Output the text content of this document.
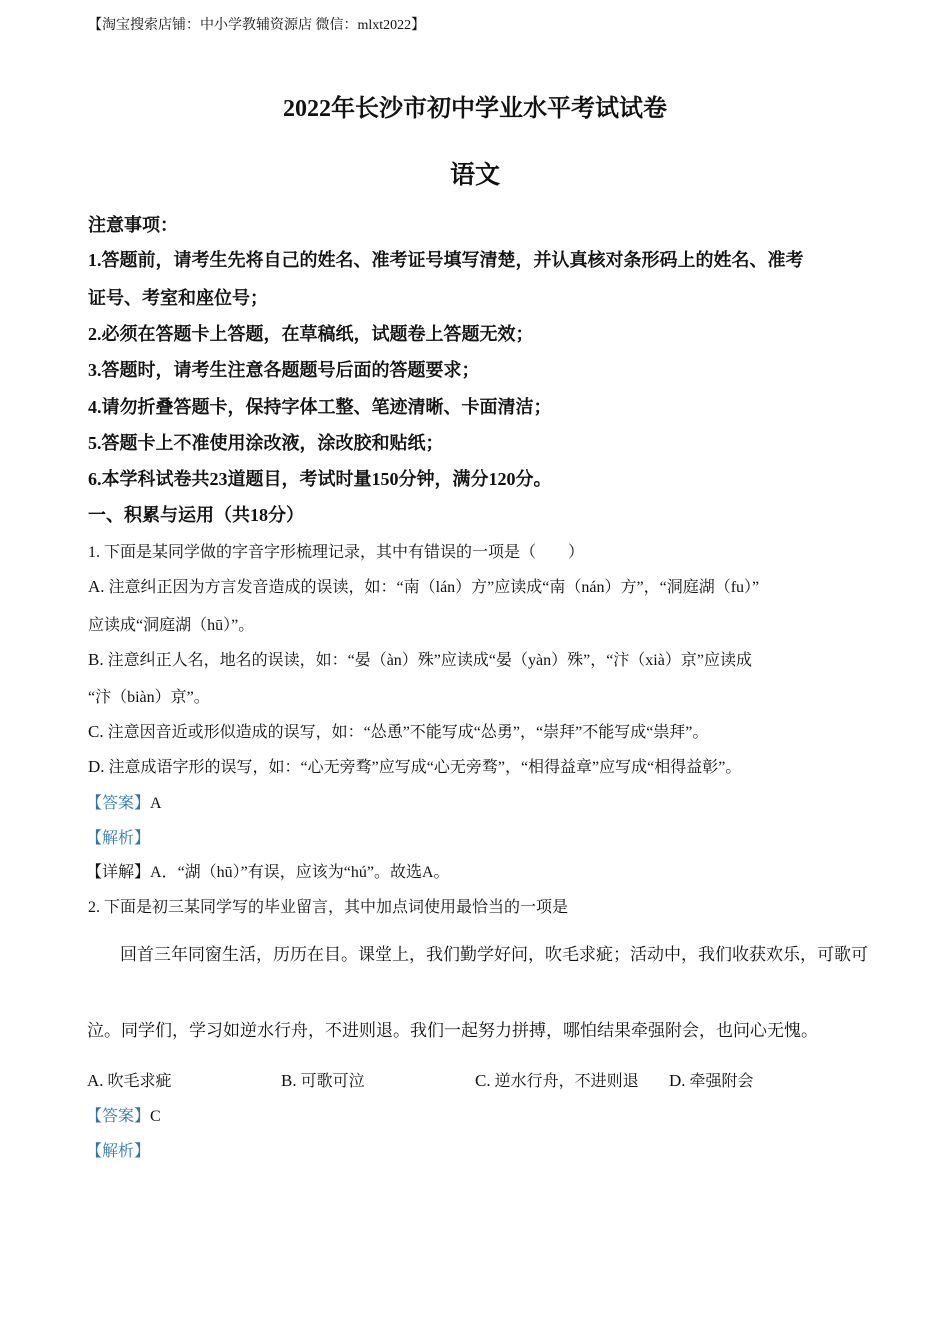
【淘宝搜索店铺：中小学教辅资源店 微信：mlxt2022】
2022年长沙市初中学业水平考试试卷
语文
注意事项：
1.答题前，请考生先将自己的姓名、准考证号填写清楚，并认真核对条形码上的姓名、准考
证号、考室和座位号；
2.必须在答题卡上答题，在草稿纸，试题卷上答题无效；
3.答题时，请考生注意各题题号后面的答题要求；
4.请勿折叠答题卡，保持字体工整、笔迹清晰、卡面清洁；
5.答题卡上不准使用涂改液，涂改胶和贴纸；
6.本学科试卷共23道题目，考试时量150分钟，满分120分。
一、积累与运用（共18分）
1. 下面是某同学做的字音字形梳理记录，其中有错误的一项是（　　）
A. 注意纠正因为方言发音造成的误读，如：“南（lán）方”应读成“南（nán）方”，“洞庭湖（fu）”
应读成“洞庭湖（hū）”。
B. 注意纠正人名，地名的误读，如：“晏（àn）殊”应读成“晏（yàn）殊”，“汴（xià）京”应读成
“汴（biàn）京”。
C. 注意因音近或形似造成的误写，如：“怂恿”不能写成“怂勇”，“崇拜”不能写成“祟拜”。
D. 注意成语字形的误写，如：“心无旁骛”应写成“心无旁骛”，“相得益章”应写成“相得益彰”。
【答案】A
【解析】
【详解】A．“湖（hū）”有误，应该为“hú”。故选A。
2. 下面是初三某同学写的毕业留言，其中加点词使用最恰当的一项是
回首三年同窗生活，历历在目。课堂上，我们勤学好问，吹毛求疵；活动中，我们收获欢乐，可歌可
泣。同学们，学习如逆水行舟，不进则退。我们一起努力拼搏，哪怕结果牵强附会，也问心无愧。
A. 吹毛求疵	B. 可歌可泣	C. 逆水行舟，不进则退 D. 牵强附会
【答案】C
【解析】
